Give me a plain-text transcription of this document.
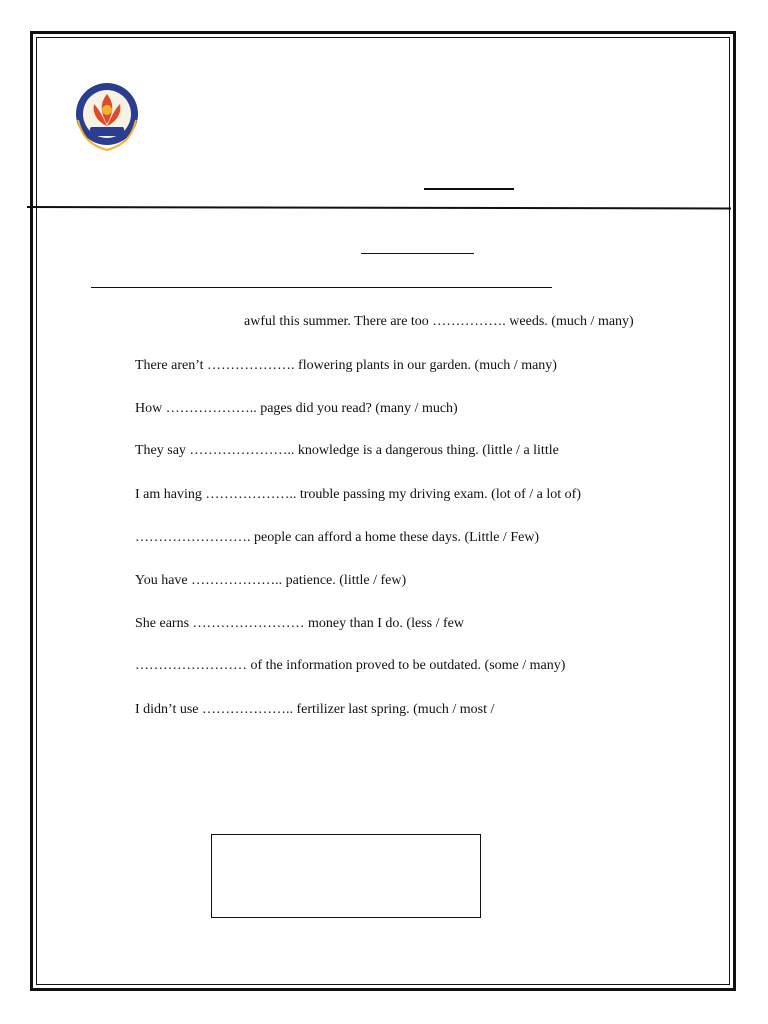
awful this summer. There are too ……………. weeds. (much / many)
There aren’t ………………. flowering plants in our garden. (much / many)
How ……………….. pages did you read? (many / much)
They say ………………….. knowledge is a dangerous thing. (little / a little
I am having ……………….. trouble passing my driving exam. (lot of / a lot of)
……………………. people can afford a home these days. (Little / Few)
You have ……………….. patience. (little / few)
She earns …………………… money than I do. (less / few
…………………… of the information proved to be outdated. (some / many)
I didn’t use ……………….. fertilizer last spring. (much / most /
